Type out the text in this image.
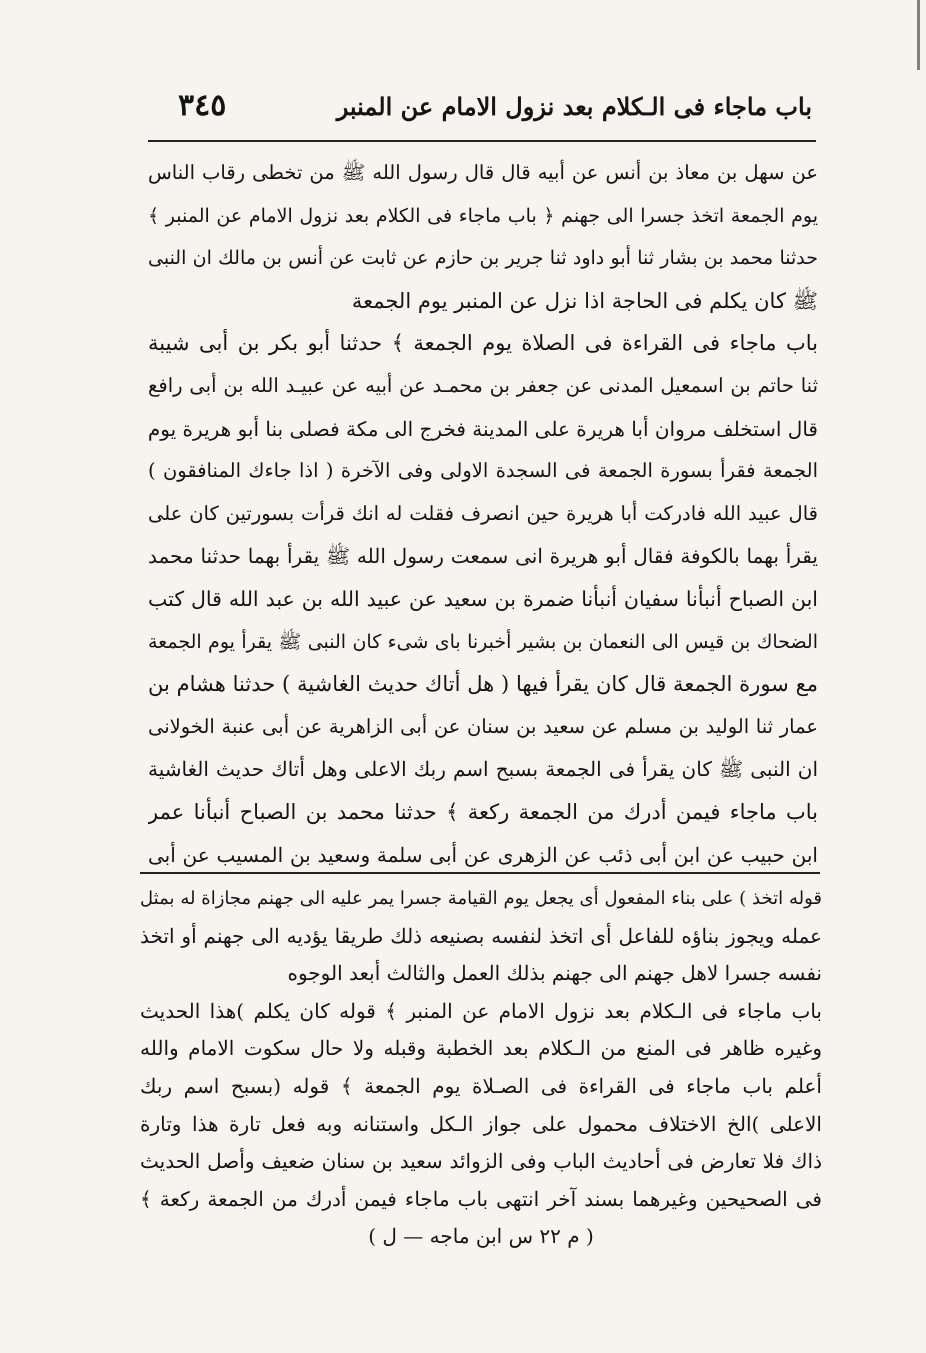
باب ماجاء فى الـكلام بعد نزول الامام عن المنبر
٣٤٥
عن سهل بن معاذ بن أنس عن أبيه قال قال رسول الله ﷺ من تخطى رقاب الناس
يوم الجمعة اتخذ جسرا الى جهنم ﴿ باب ماجاء فى الكلام بعد نزول الامام عن المنبر ﴾
حدثنا محمد بن بشار ثنا أبو داود ثنا جرير بن حازم عن ثابت عن أنس بن مالك ان النبى
ﷺ كان يكلم فى الحاجة اذا نزل عن المنبر يوم الجمعة
باب ماجاء فى القراءة فى الصلاة يوم الجمعة ﴾ حدثنا أبو بكر بن أبى شيبة
ثنا حاتم بن اسمعيل المدنى عن جعفر بن محمـد عن أبيه عن عبيـد الله بن أبى رافع
قال استخلف مروان أبا هريرة على المدينة فخرج الى مكة فصلى بنا أبو هريرة يوم
الجمعة فقرأ بسورة الجمعة فى السجدة الاولى وفى الآخرة ( اذا جاءك المنافقون )
قال عبيد الله فادركت أبا هريرة حين انصرف فقلت له انك قرأت بسورتين كان على
يقرأ بهما بالكوفة فقال أبو هريرة انى سمعت رسول الله ﷺ يقرأ بهما حدثنا محمد
ابن الصباح أنبأنا سفيان أنبأنا ضمرة بن سعيد عن عبيد الله بن عبد الله قال كتب
الضحاك بن قيس الى النعمان بن بشير أخبرنا باى شىء كان النبى ﷺ يقرأ يوم الجمعة
مع سورة الجمعة قال كان يقرأ فيها ( هل أتاك حديث الغاشية ) حدثنا هشام بن
عمار ثنا الوليد بن مسلم عن سعيد بن سنان عن أبى الزاهرية عن أبى عنبة الخولانى
ان النبى ﷺ كان يقرأ فى الجمعة بسبح اسم ربك الاعلى وهل أتاك حديث الغاشية
باب ماجاء فيمن أدرك من الجمعة ركعة ﴾ حدثنا محمد بن الصباح أنبأنا عمر
ابن حبيب عن ابن أبى ذئب عن الزهرى عن أبى سلمة وسعيد بن المسيب عن أبى
قوله اتخذ ) على بناء المفعول أى يجعل يوم القيامة جسرا يمر عليه الى جهنم مجازاة له بمثل
عمله ويجوز بناؤه للفاعل أى اتخذ لنفسه بصنيعه ذلك طريقا يؤديه الى جهنم أو اتخذ
نفسه جسرا لاهل جهنم الى جهنم بذلك العمل والثالث أبعد الوجوه
باب ماجاء فى الـكلام بعد نزول الامام عن المنبر ﴾ قوله كان يكلم )هذا الحديث
وغيره ظاهر فى المنع من الـكلام بعد الخطبة وقبله ولا حال سكوت الامام والله
أعلم باب ماجاء فى القراءة فى الصـلاة يوم الجمعة ﴾ قوله (بسبح اسم ربك
الاعلى )الخ الاختلاف محمول على جواز الـكل واستنانه وبه فعل تارة هذا وتارة
ذاك فلا تعارض فى أحاديث الباب وفى الزوائد سعيد بن سنان ضعيف وأصل الحديث
فى الصحيحين وغيرهما بسند آخر انتهى باب ماجاء فيمن أدرك من الجمعة ركعة ﴾
( م ٢٢ س ابن ماجه — ل )
